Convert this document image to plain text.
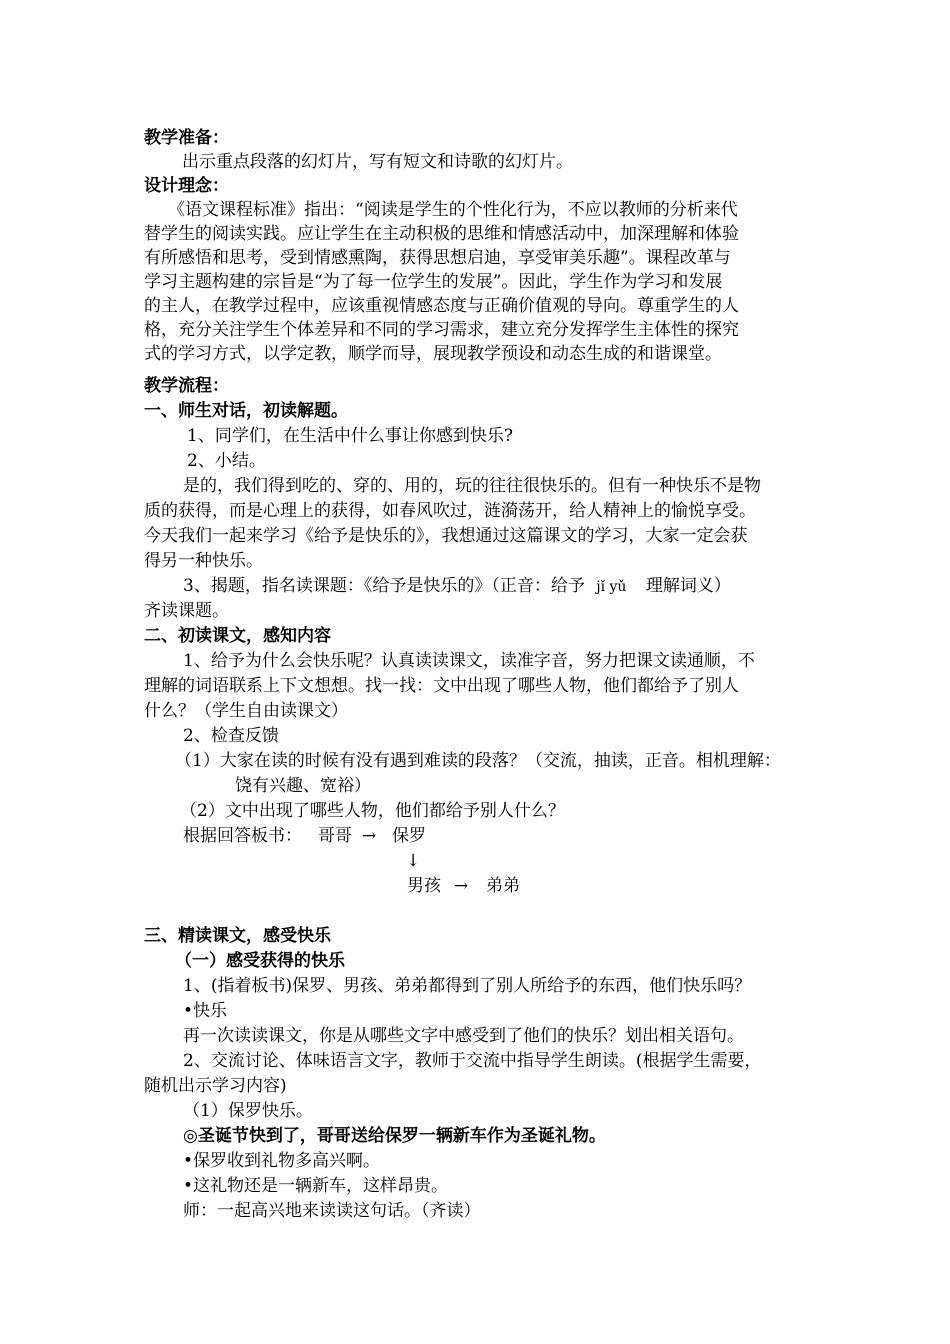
教学准备：
出示重点段落的幻灯片，写有短文和诗歌的幻灯片。
设计理念：
《语文课程标准》指出：“阅读是学生的个性化行为，不应以教师的分析来代
替学生的阅读实践。应让学生在主动积极的思维和情感活动中，加深理解和体验
有所感悟和思考，受到情感熏陶，获得思想启迪，享受审美乐趣”。课程改革与
学习主题构建的宗旨是“为了每一位学生的发展”。因此，学生作为学习和发展
的主人，在教学过程中，应该重视情感态度与正确价值观的导向。尊重学生的人
格，充分关注学生个体差异和不同的学习需求，建立充分发挥学生主体性的探究
式的学习方式，以学定教，顺学而导，展现教学预设和动态生成的和谐课堂。
教学流程：
一、师生对话，初读解题。
1、同学们，在生活中什么事让你感到快乐?
2、小结。
是的，我们得到吃的、穿的、用的，玩的往往很快乐的。但有一种快乐不是物
质的获得，而是心理上的获得，如春风吹过，涟漪荡开，给人精神上的愉悦享受。
今天我们一起来学习《给予是快乐的》，我想通过这篇课文的学习，大家一定会获
得另一种快乐。
3、揭题，指名读课题：《给予是快乐的》（正音：给予 jǐ yǔ 理解词义）
齐读课题。
二、初读课文，感知内容
1、给予为什么会快乐呢？认真读读课文，读准字音，努力把课文读通顺，不
理解的词语联系上下文想想。找一找：文中出现了哪些人物，他们都给予了别人
什么？（学生自由读课文）
2、检查反馈
（1）大家在读的时候有没有遇到难读的段落？（交流，抽读，正音。相机理解：
饶有兴趣、宽裕）
（2）文中出现了哪些人物，他们都给予别人什么？
根据回答板书： 哥哥 → 保罗
↓
男孩 → 弟弟
三、精读课文，感受快乐
（一）感受获得的快乐
1、(指着板书)保罗、男孩、弟弟都得到了别人所给予的东西，他们快乐吗？
•快乐
再一次读读课文，你是从哪些文字中感受到了他们的快乐？划出相关语句。
2、交流讨论、体味语言文字，教师于交流中指导学生朗读。(根据学生需要，
随机出示学习内容)
（1）保罗快乐。
◎圣诞节快到了，哥哥送给保罗一辆新车作为圣诞礼物。
•保罗收到礼物多高兴啊。
•这礼物还是一辆新车，这样昂贵。
师：一起高兴地来读读这句话。（齐读）
